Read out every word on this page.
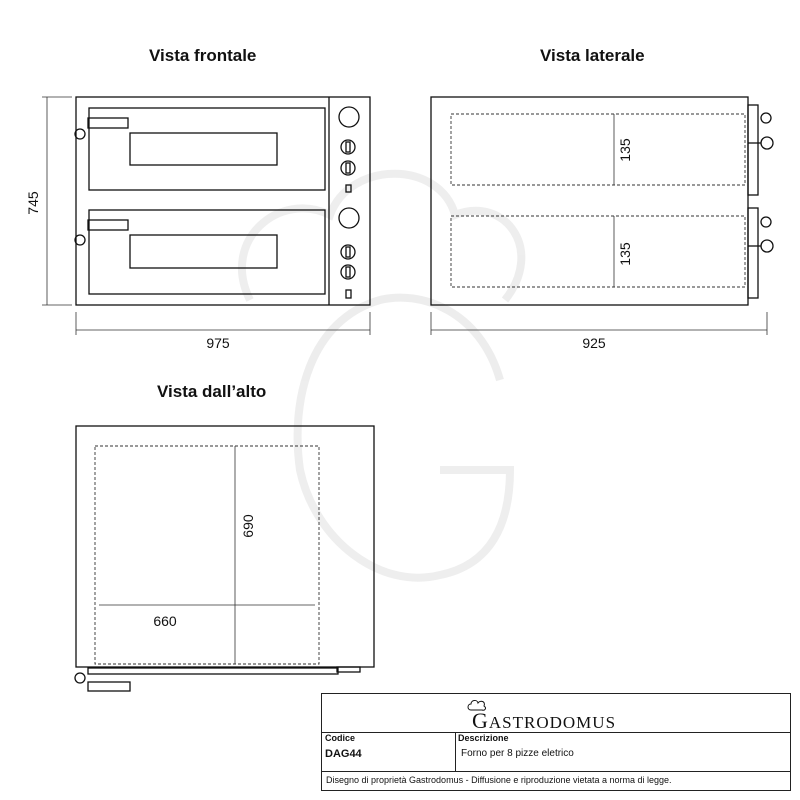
Vista frontale	Vista laterale
Vista dall’alto
745
975
135
135
925
690
660
GASTRODOMUS
Codice
DAG44
Descrizione
Forno per 8 pizze eletrico
Disegno di proprietà Gastrodomus - Diffusione e riproduzione vietata a norma di legge.
